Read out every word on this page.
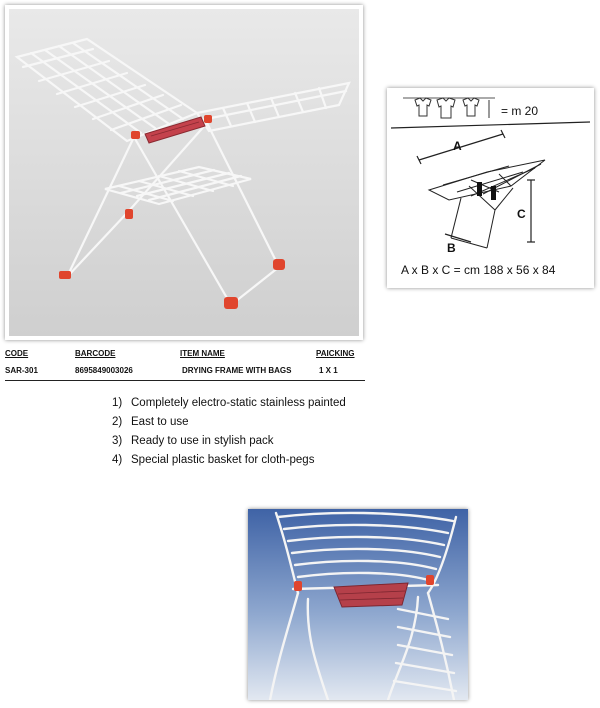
= m 20
A
C
B
A x B x C = cm 188 x 56 x 84
CODE	BARCODE	ITEM NAME	PAICKING
SAR-301	8695849003026	DRYING FRAME WITH BAGS	1 X 1
1) Completely electro-static stainless painted
2) East to use
3) Ready to use in stylish pack
4) Special plastic basket for cloth-pegs
